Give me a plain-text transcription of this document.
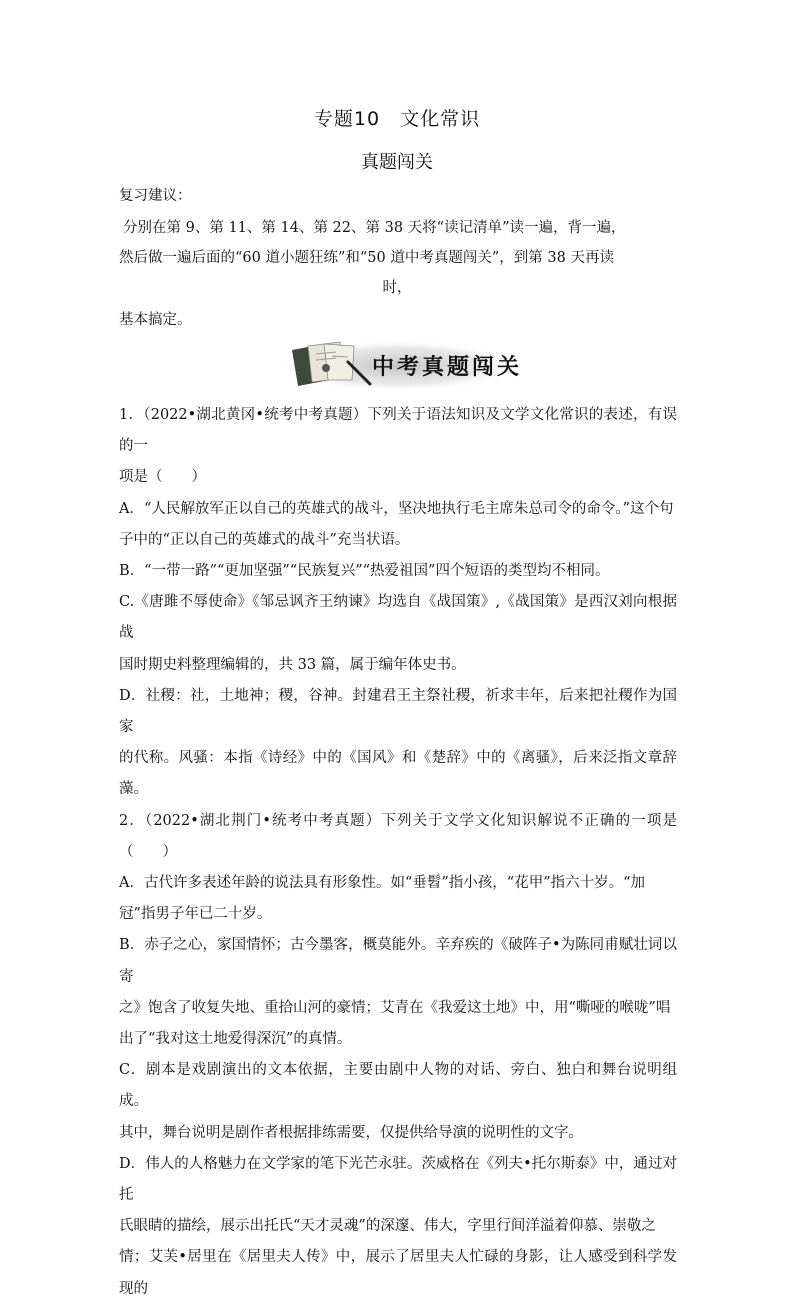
专题10　文化常识
真题闯关
复习建议：
分别在第 9、第 11、第 14、第 22、第 38 天将“读记清单”读一遍，背一遍，
然后做一遍后面的“60 道小题狂练”和“50 道中考真题闯关”，到第 38 天再读
时，
基本搞定。
中考真题闯关

1．（2022•湖北黄冈•统考中考真题）下列关于语法知识及文学文化常识的表述，有误的一

项是（　　）

A．“人民解放军正以自己的英雄式的战斗，坚决地执行毛主席朱总司令的命令。”这个句

子中的“正以自己的英雄式的战斗”充当状语。

B．“一带一路”“更加坚强”“民族复兴”“热爱祖国”四个短语的类型均不相同。

C.《唐雎不辱使命》《邹忌讽齐王纳谏》均选自《战国策》,《战国策》是西汉刘向根据战

国时期史料整理编辑的，共 33 篇，属于编年体史书。

D．社稷：社，土地神；稷，谷神。封建君王主祭社稷，祈求丰年，后来把社稷作为国家

的代称。风骚：本指《诗经》中的《国风》和《楚辞》中的《离骚》，后来泛指文章辞藻。

2．（2022•湖北荆门•统考中考真题）下列关于文学文化知识解说不正确的一项是（　　）

A．古代许多表述年龄的说法具有形象性。如“垂髫”指小孩，“花甲”指六十岁。“加

冠”指男子年已二十岁。

B．赤子之心，家国情怀；古今墨客，概莫能外。辛弃疾的《破阵子•为陈同甫赋壮词以寄

之》饱含了收复失地、重拾山河的豪情；艾青在《我爱这土地》中，用“嘶哑的喉咙”唱

出了“我对这土地爱得深沉”的真情。

C．剧本是戏剧演出的文本依据，主要由剧中人物的对话、旁白、独白和舞台说明组成。

其中，舞台说明是剧作者根据排练需要，仅提供给导演的说明性的文字。

D．伟人的人格魅力在文学家的笔下光芒永驻。茨威格在《列夫•托尔斯泰》中，通过对托

氏眼睛的描绘，展示出托氏“天才灵魂”的深邃、伟大，字里行间洋溢着仰慕、崇敬之

情；艾芙•居里在《居里夫人传》中，展示了居里夫人忙碌的身影，让人感受到科学发现的
